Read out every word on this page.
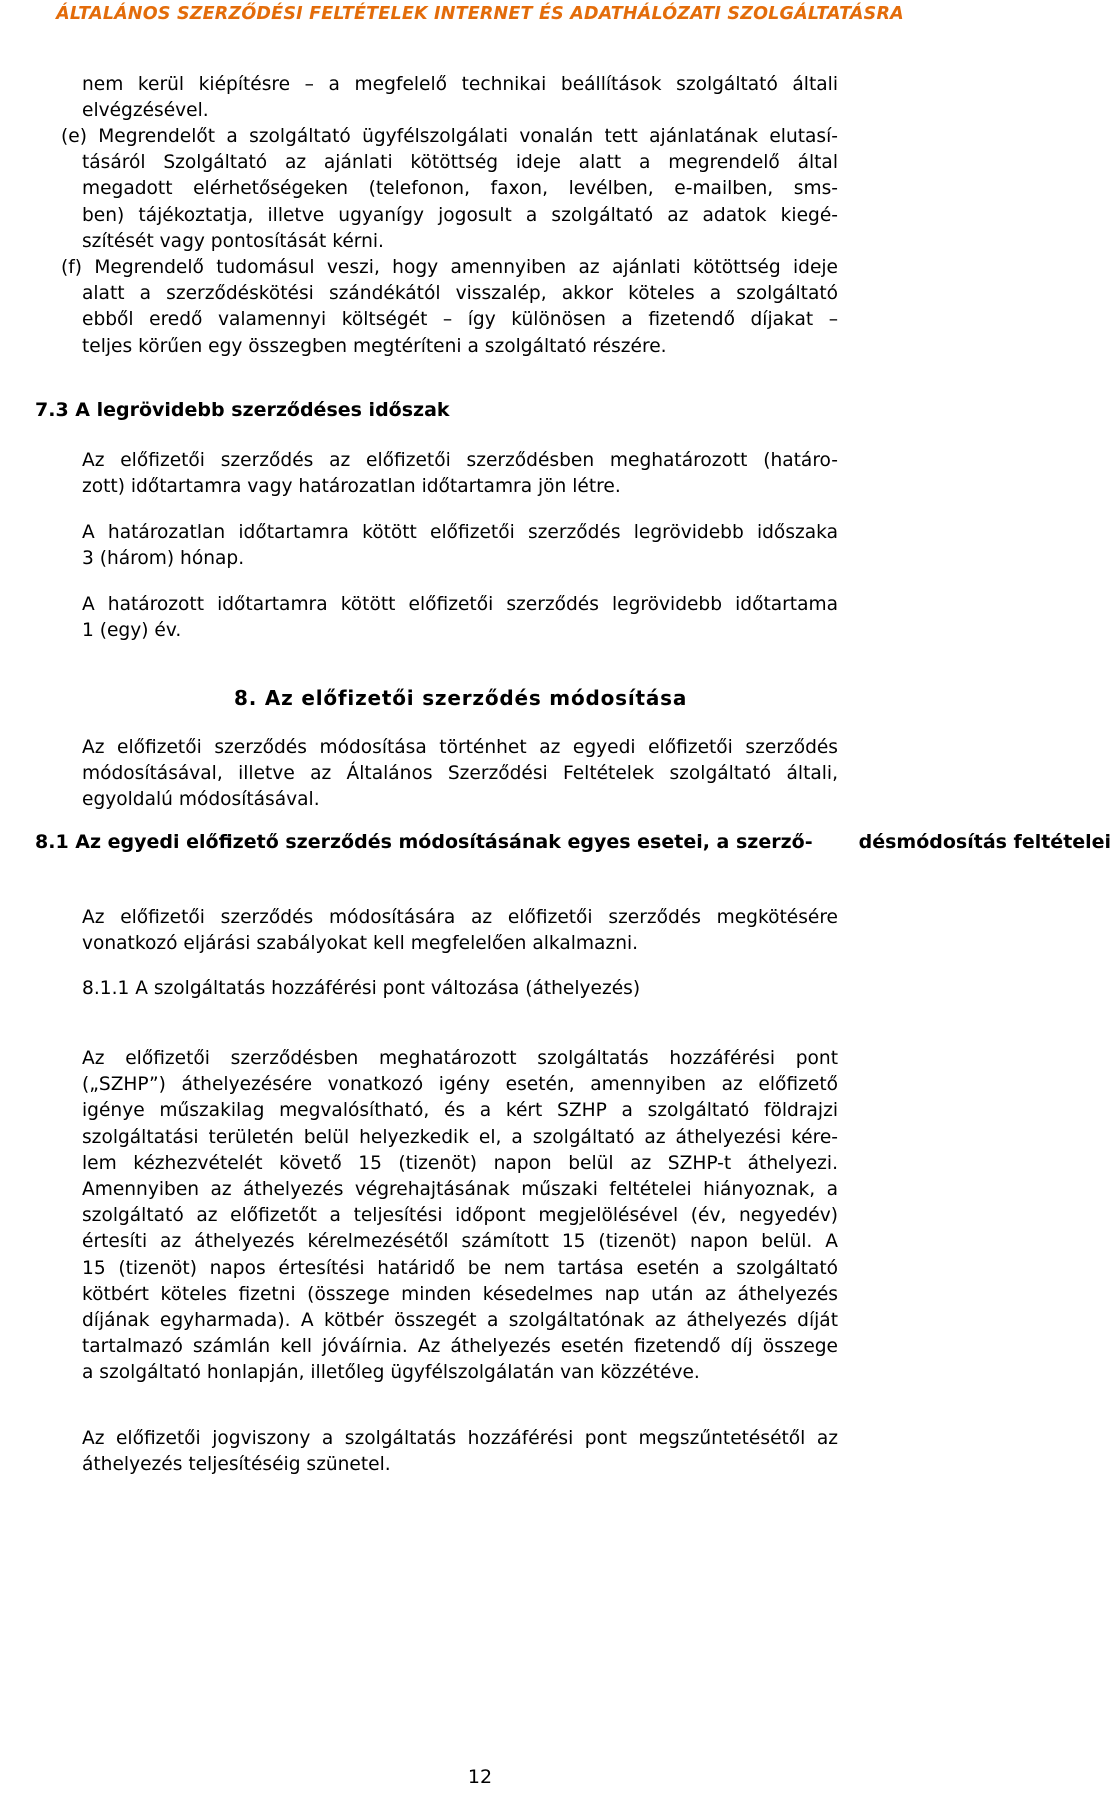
ÁLTALÁNOS SZERZŐDÉSI FELTÉTELEK INTERNET ÉS ADATHÁLÓZATI SZOLGÁLTATÁSRA
nem kerül kiépítésre – a megfelelő technikai beállítások szolgáltató általi
elvégzésével.
(e) Megrendelőt a szolgáltató ügyfélszolgálati vonalán tett ajánlatának elutasí-
tásáról Szolgáltató az ajánlati kötöttség ideje alatt a megrendelő által
megadott elérhetőségeken (telefonon, faxon, levélben, e-mailben, sms-
ben) tájékoztatja, illetve ugyanígy jogosult a szolgáltató az adatok kiegé-
szítését vagy pontosítását kérni.
(f) Megrendelő tudomásul veszi, hogy amennyiben az ajánlati kötöttség ideje
alatt a szerződéskötési szándékától visszalép, akkor köteles a szolgáltató
ebből eredő valamennyi költségét – így különösen a fizetendő díjakat –
teljes körűen egy összegben megtéríteni a szolgáltató részére.
7.3 A legrövidebb szerződéses időszak
Az előfizetői szerződés az előfizetői szerződésben meghatározott (határo-
zott) időtartamra vagy határozatlan időtartamra jön létre.
A határozatlan időtartamra kötött előfizetői szerződés legrövidebb időszaka
3 (három) hónap.
A határozott időtartamra kötött előfizetői szerződés legrövidebb időtartama
1 (egy) év.
8. Az előfizetői szerződés módosítása
Az előfizetői szerződés módosítása történhet az egyedi előfizetői szerződés
módosításával, illetve az Általános Szerződési Feltételek szolgáltató általi,
egyoldalú módosításával.
8.1 Az egyedi előfizető szerződés módosításának egyes esetei, a szerző- désmódosítás feltételei
Az előfizetői szerződés módosítására az előfizetői szerződés megkötésére
vonatkozó eljárási szabályokat kell megfelelően alkalmazni.
8.1.1 A szolgáltatás hozzáférési pont változása (áthelyezés)
Az előfizetői szerződésben meghatározott szolgáltatás hozzáférési pont
(„SZHP”) áthelyezésére vonatkozó igény esetén, amennyiben az előfizető
igénye műszakilag megvalósítható, és a kért SZHP a szolgáltató földrajzi
szolgáltatási területén belül helyezkedik el, a szolgáltató az áthelyezési kére-
lem kézhezvételét követő 15 (tizenöt) napon belül az SZHP-t áthelyezi.
Amennyiben az áthelyezés végrehajtásának műszaki feltételei hiányoznak, a
szolgáltató az előfizetőt a teljesítési időpont megjelölésével (év, negyedév)
értesíti az áthelyezés kérelmezésétől számított 15 (tizenöt) napon belül. A
15 (tizenöt) napos értesítési határidő be nem tartása esetén a szolgáltató
kötbért köteles fizetni (összege minden késedelmes nap után az áthelyezés
díjának egyharmada). A kötbér összegét a szolgáltatónak az áthelyezés díját
tartalmazó számlán kell jóváírnia. Az áthelyezés esetén fizetendő díj összege
a szolgáltató honlapján, illetőleg ügyfélszolgálatán van közzétéve.
Az előfizetői jogviszony a szolgáltatás hozzáférési pont megszűntetésétől az
áthelyezés teljesítéséig szünetel.
12
